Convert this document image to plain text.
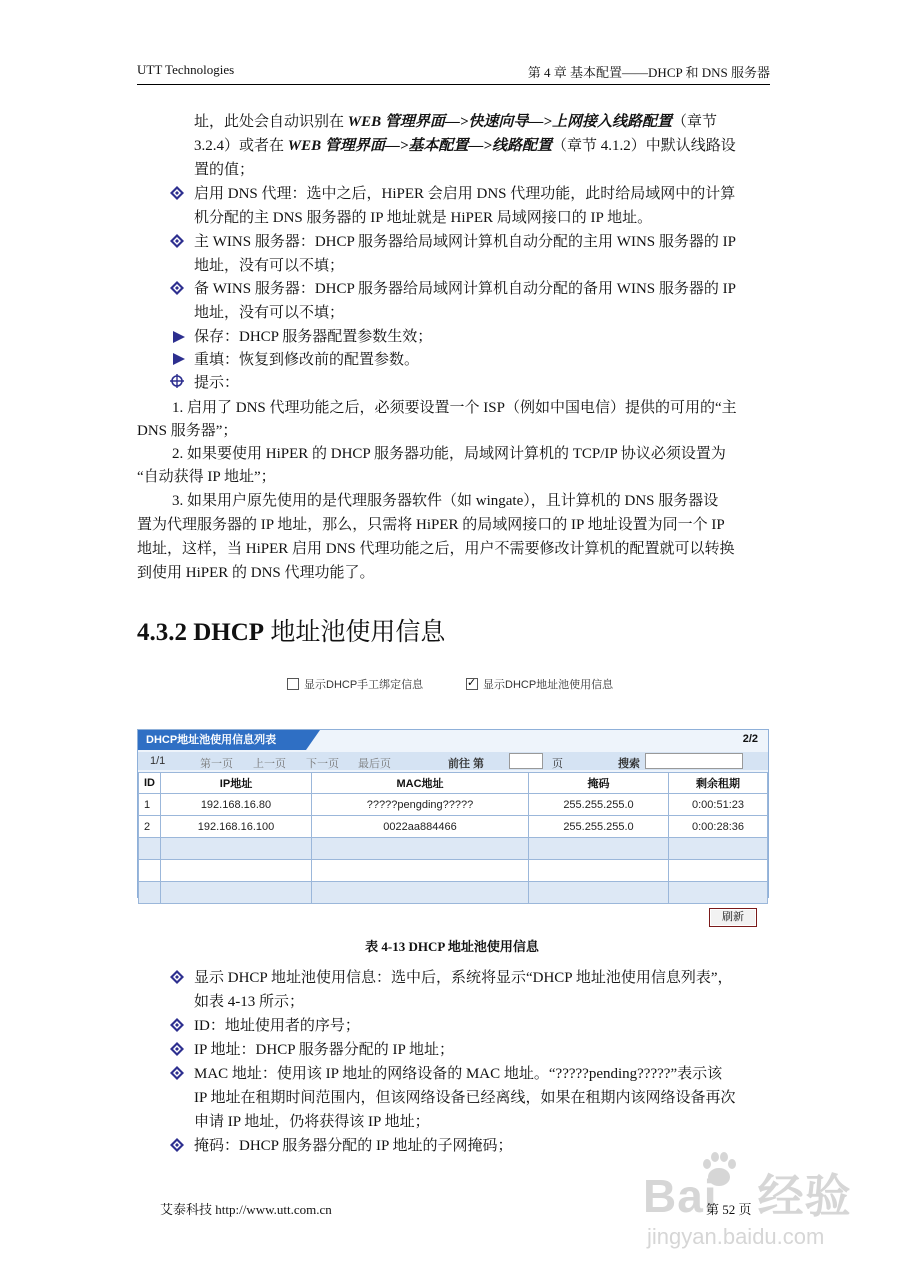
UTT Technologies	第 4 章 基本配置——DHCP 和 DNS 服务器
址，此处会自动识别在 WEB 管理界面—>快速向导—>上网接入线路配置（章节
3.2.4）或者在 WEB 管理界面—>基本配置—>线路配置（章节 4.1.2）中默认线路设
置的值；
启用 DNS 代理：选中之后，HiPER 会启用 DNS 代理功能，此时给局域网中的计算
机分配的主 DNS 服务器的 IP 地址就是 HiPER 局域网接口的 IP 地址。
主 WINS 服务器：DHCP 服务器给局域网计算机自动分配的主用 WINS 服务器的 IP
地址，没有可以不填；
备 WINS 服务器：DHCP 服务器给局域网计算机自动分配的备用 WINS 服务器的 IP
地址，没有可以不填；
保存：DHCP 服务器配置参数生效；
重填：恢复到修改前的配置参数。
提示：
1. 启用了 DNS 代理功能之后，必须要设置一个 ISP（例如中国电信）提供的可用的“主
DNS 服务器”；
2. 如果要使用 HiPER 的 DHCP 服务器功能，局域网计算机的 TCP/IP 协议必须设置为
“自动获得 IP 地址”；
3. 如果用户原先使用的是代理服务器软件（如 wingate），且计算机的 DNS 服务器设
置为代理服务器的 IP 地址，那么，只需将 HiPER 的局域网接口的 IP 地址设置为同一个 IP
地址，这样，当 HiPER 启用 DNS 代理功能之后，用户不需要修改计算机的配置就可以转换
到使用 HiPER 的 DNS 代理功能了。
4.3.2 DHCP 地址池使用信息
显示DHCP手工绑定信息 ✓	显示DHCP地址池使用信息
DHCP地址池使用信息列表	2/2
1/1	第一页 上一页 下一页 最后页	前往 第	页	搜索
ID	IP地址	MAC地址	掩码	剩余租期
1	192.168.16.80	?????pengding?????	255.255.255.0	0:00:51:23
2	192.168.16.100	0022aa884466	255.255.255.0	0:00:28:36

刷新
表 4-13 DHCP 地址池使用信息
显示 DHCP 地址池使用信息：选中后，系统将显示“DHCP 地址池使用信息列表”，
如表 4-13 所示；
ID：地址使用者的序号；
IP 地址：DHCP 服务器分配的 IP 地址；
MAC 地址：使用该 IP 地址的网络设备的 MAC 地址。“?????pending?????”表示该
IP 地址在租期时间范围内，但该网络设备已经离线，如果在租期内该网络设备再次
申请 IP 地址，仍将获得该 IP 地址；
掩码：DHCP 服务器分配的 IP 地址的子网掩码；
Bai 经验
jingyan.baidu.com
艾泰科技 http://www.utt.com.cn	第 52 页
